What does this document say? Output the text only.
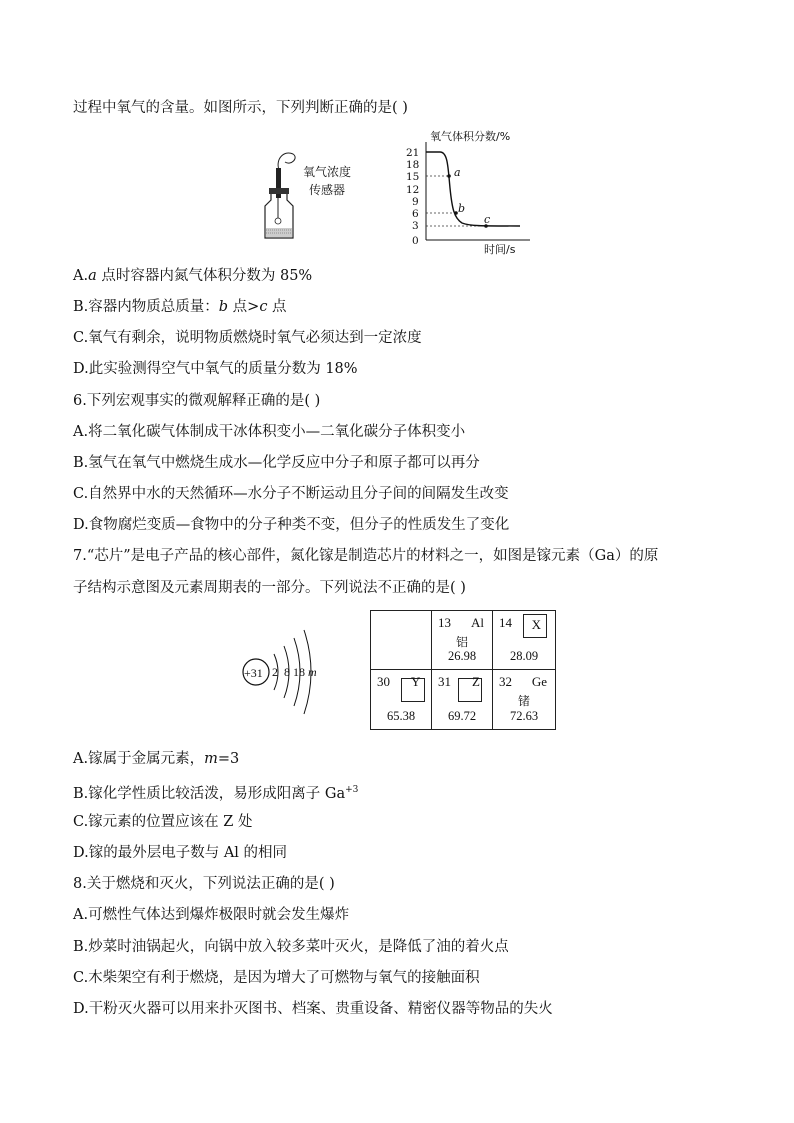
过程中氧气的含量。如图所示，下列判断正确的是( )
氧气浓度
传感器
氧气体积分数/%
21
18
15
12
9
6
3
0
a
b
c
时间/s
A.a 点时容器内氮气体积分数为 85%
B.容器内物质总质量：b 点>c 点
C.氧气有剩余，说明物质燃烧时氧气必须达到一定浓度
D.此实验测得空气中氧气的质量分数为 18%
6.下列宏观事实的微观解释正确的是( )
A.将二氧化碳气体制成干冰体积变小—二氧化碳分子体积变小
B.氢气在氧气中燃烧生成水—化学反应中分子和原子都可以再分
C.自然界中水的天然循环—水分子不断运动且分子间的间隔发生改变
D.食物腐烂变质—食物中的分子种类不变，但分子的性质发生了变化
7.“芯片”是电子产品的核心部件，氮化镓是制造芯片的材料之一，如图是镓元素（Ga）的原
子结构示意图及元素周期表的一部分。下列说法不正确的是( )
+31 2  8 18 m
13 Al
铝
26.98
14 X
28.09
30 Y
65.38
31 Z
69.72
32 Ge
锗
72.63
A.镓属于金属元素，m=3
B.镓化学性质比较活泼，易形成阳离子 $Ga^{+3}$
C.镓元素的位置应该在 Z 处
D.镓的最外层电子数与 Al 的相同
8.关于燃烧和灭火，下列说法正确的是( )
A.可燃性气体达到爆炸极限时就会发生爆炸
B.炒菜时油锅起火，向锅中放入较多菜叶灭火，是降低了油的着火点
C.木柴架空有利于燃烧，是因为增大了可燃物与氧气的接触面积
D.干粉灭火器可以用来扑灭图书、档案、贵重设备、精密仪器等物品的失火
